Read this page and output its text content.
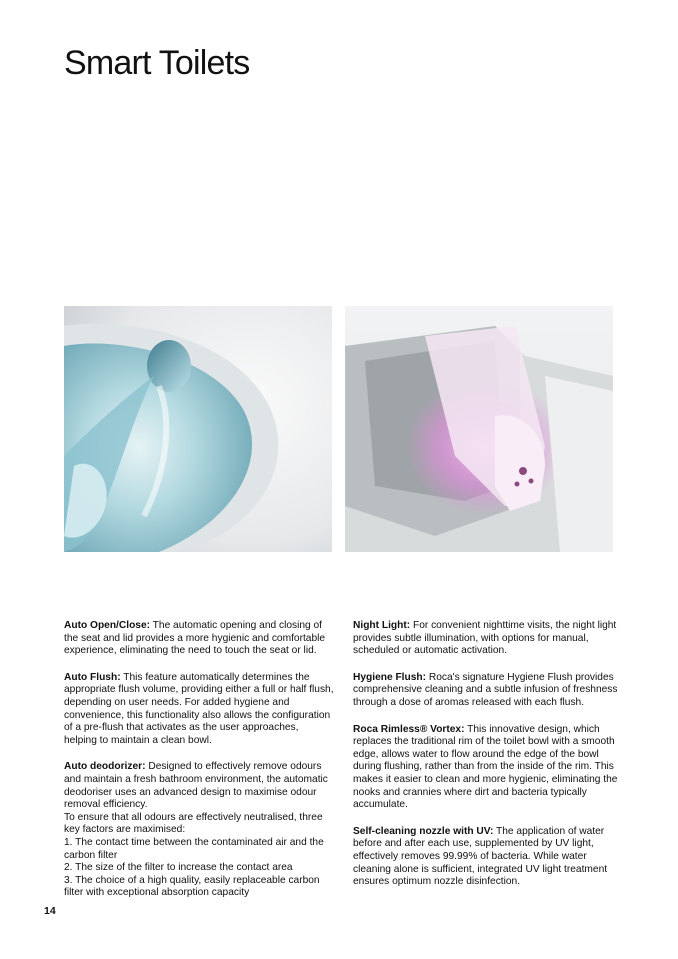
Smart Toilets

Auto Open/Close: The automatic opening and closing of the seat and lid provides a more hygienic and comfortable experience, eliminating the need to touch the seat or lid.

Auto Flush: This feature automatically determines the appropriate flush volume, providing either a full or half flush, depending on user needs. For added hygiene and convenience, this functionality also allows the configuration of a pre-flush that activates as the user approaches, helping to maintain a clean bowl.

Auto deodorizer: Designed to effectively remove odours and maintain a fresh bathroom environment, the automatic deodoriser uses an advanced design to maximise odour removal efficiency.
To ensure that all odours are effectively neutralised, three key factors are maximised:
1. The contact time between the contaminated air and the carbon filter
2. The size of the filter to increase the contact area
3. The choice of a high quality, easily replaceable carbon filter with exceptional absorption capacity

Night Light: For convenient nighttime visits, the night light provides subtle illumination, with options for manual, scheduled or automatic activation.

Hygiene Flush: Roca's signature Hygiene Flush provides comprehensive cleaning and a subtle infusion of freshness through a dose of aromas released with each flush.

Roca Rimless® Vortex: This innovative design, which replaces the traditional rim of the toilet bowl with a smooth edge, allows water to flow around the edge of the bowl during flushing, rather than from the inside of the rim. This makes it easier to clean and more hygienic, eliminating the nooks and crannies where dirt and bacteria typically accumulate.

Self-cleaning nozzle with UV: The application of water before and after each use, supplemented by UV light, effectively removes 99.99% of bacteria. While water cleaning alone is sufficient, integrated UV light treatment ensures optimum nozzle disinfection.

14
